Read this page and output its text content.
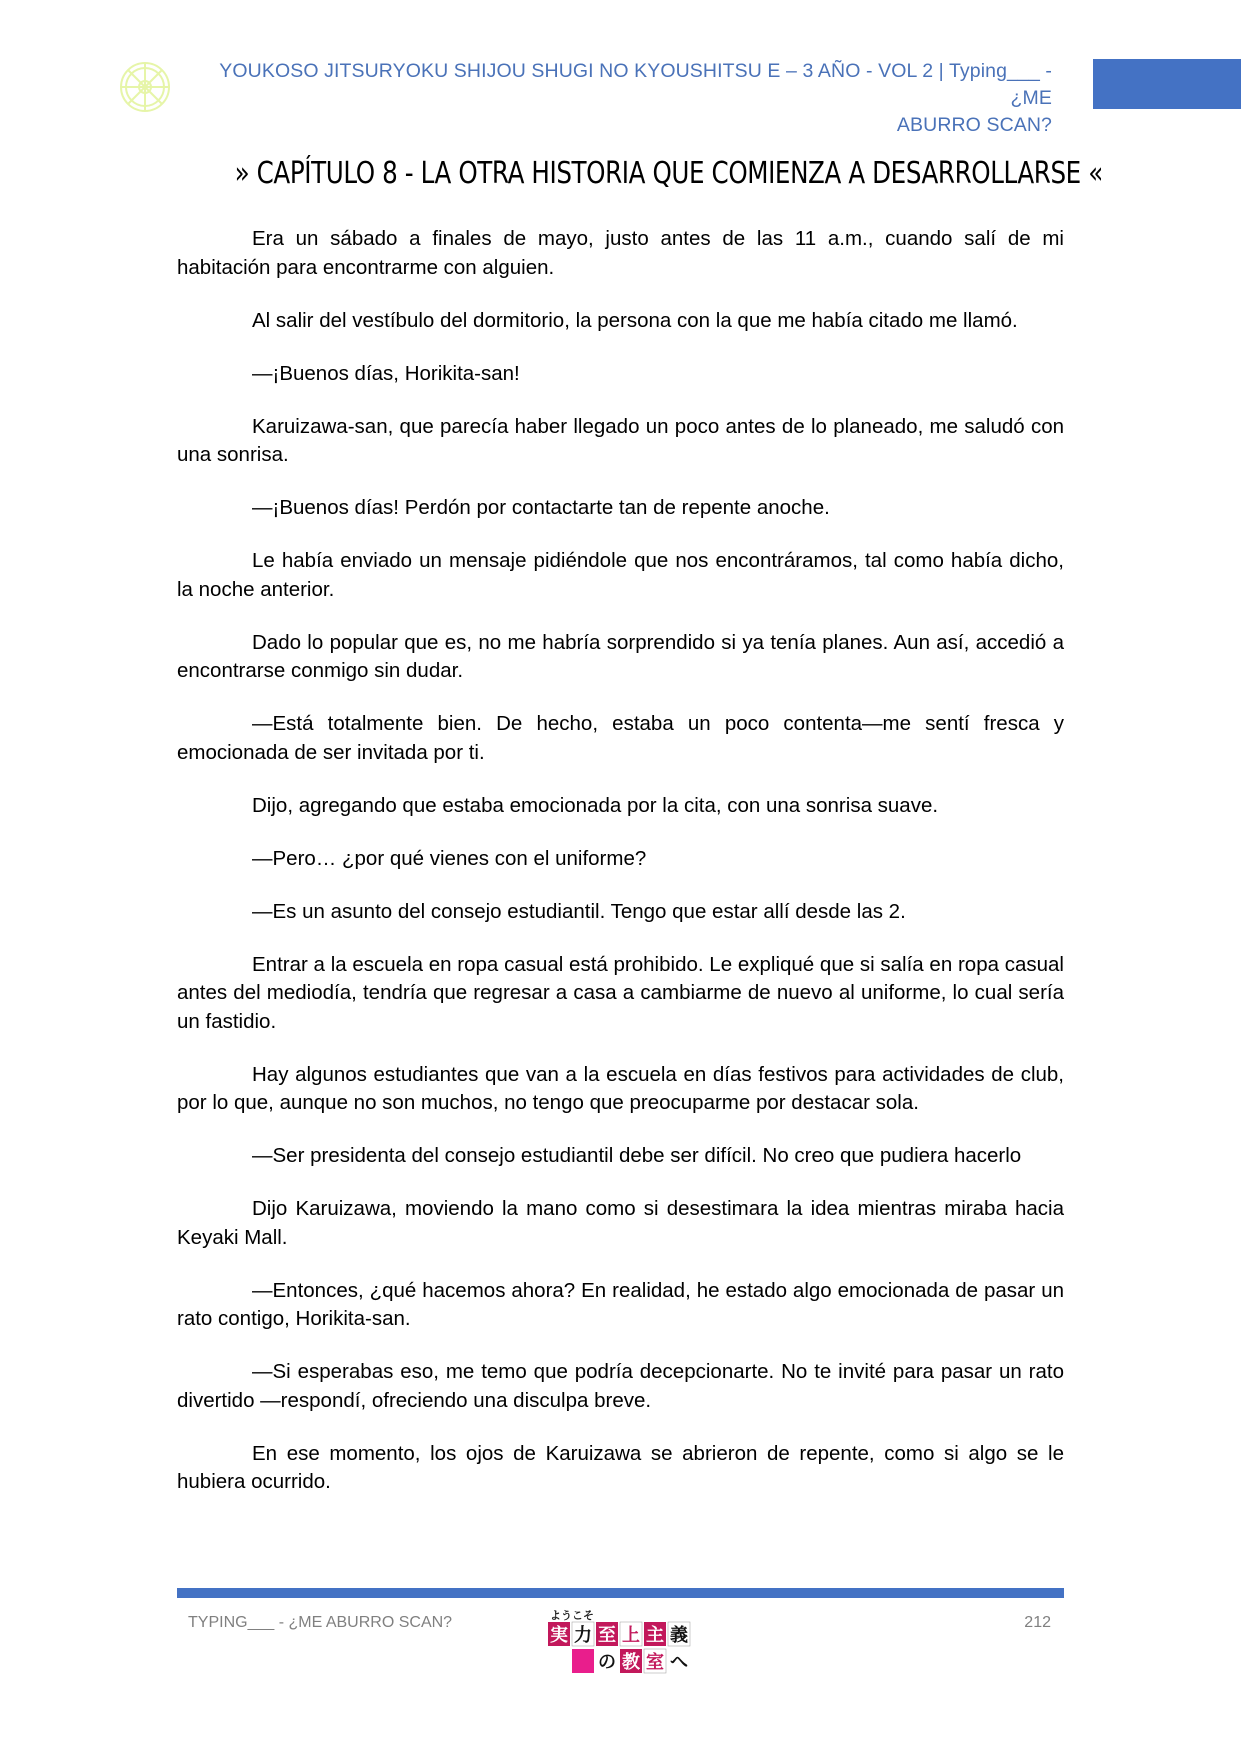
YOUKOSO JITSURYOKU SHIJOU SHUGI NO KYOUSHITSU E – 3 AÑO - VOL 2 | Typing___ - ¿ME
ABURRO SCAN?
» CAPÍTULO 8 - LA OTRA HISTORIA QUE COMIENZA A DESARROLLARSE «

Era un sábado a finales de mayo, justo antes de las 11 a.m., cuando salí de mi habitación para encontrarme con alguien.

Al salir del vestíbulo del dormitorio, la persona con la que me había citado me llamó.

—¡Buenos días, Horikita-san!

Karuizawa-san, que parecía haber llegado un poco antes de lo planeado, me saludó con una sonrisa.

—¡Buenos días! Perdón por contactarte tan de repente anoche.

Le había enviado un mensaje pidiéndole que nos encontráramos, tal como había dicho, la noche anterior.

Dado lo popular que es, no me habría sorprendido si ya tenía planes. Aun así, accedió a encontrarse conmigo sin dudar.

—Está totalmente bien. De hecho, estaba un poco contenta—me sentí fresca y emocionada de ser invitada por ti.

Dijo, agregando que estaba emocionada por la cita, con una sonrisa suave.

—Pero… ¿por qué vienes con el uniforme?

—Es un asunto del consejo estudiantil. Tengo que estar allí desde las 2.

Entrar a la escuela en ropa casual está prohibido. Le expliqué que si salía en ropa casual antes del mediodía, tendría que regresar a casa a cambiarme de nuevo al uniforme, lo cual sería un fastidio.

Hay algunos estudiantes que van a la escuela en días festivos para actividades de club, por lo que, aunque no son muchos, no tengo que preocuparme por destacar sola.

—Ser presidenta del consejo estudiantil debe ser difícil. No creo que pudiera hacerlo

Dijo Karuizawa, moviendo la mano como si desestimara la idea mientras miraba hacia Keyaki Mall.

—Entonces, ¿qué hacemos ahora? En realidad, he estado algo emocionada de pasar un rato contigo, Horikita-san.

—Si esperabas eso, me temo que podría decepcionarte. No te invité para pasar un rato divertido —respondí, ofreciendo una disculpa breve.

En ese momento, los ojos de Karuizawa se abrieron de repente, como si algo se le hubiera ocurrido.

TYPING___ - ¿ME ABURRO SCAN?	212
ようこそ
実 力 至 上 主 義
の 教 室 へ
